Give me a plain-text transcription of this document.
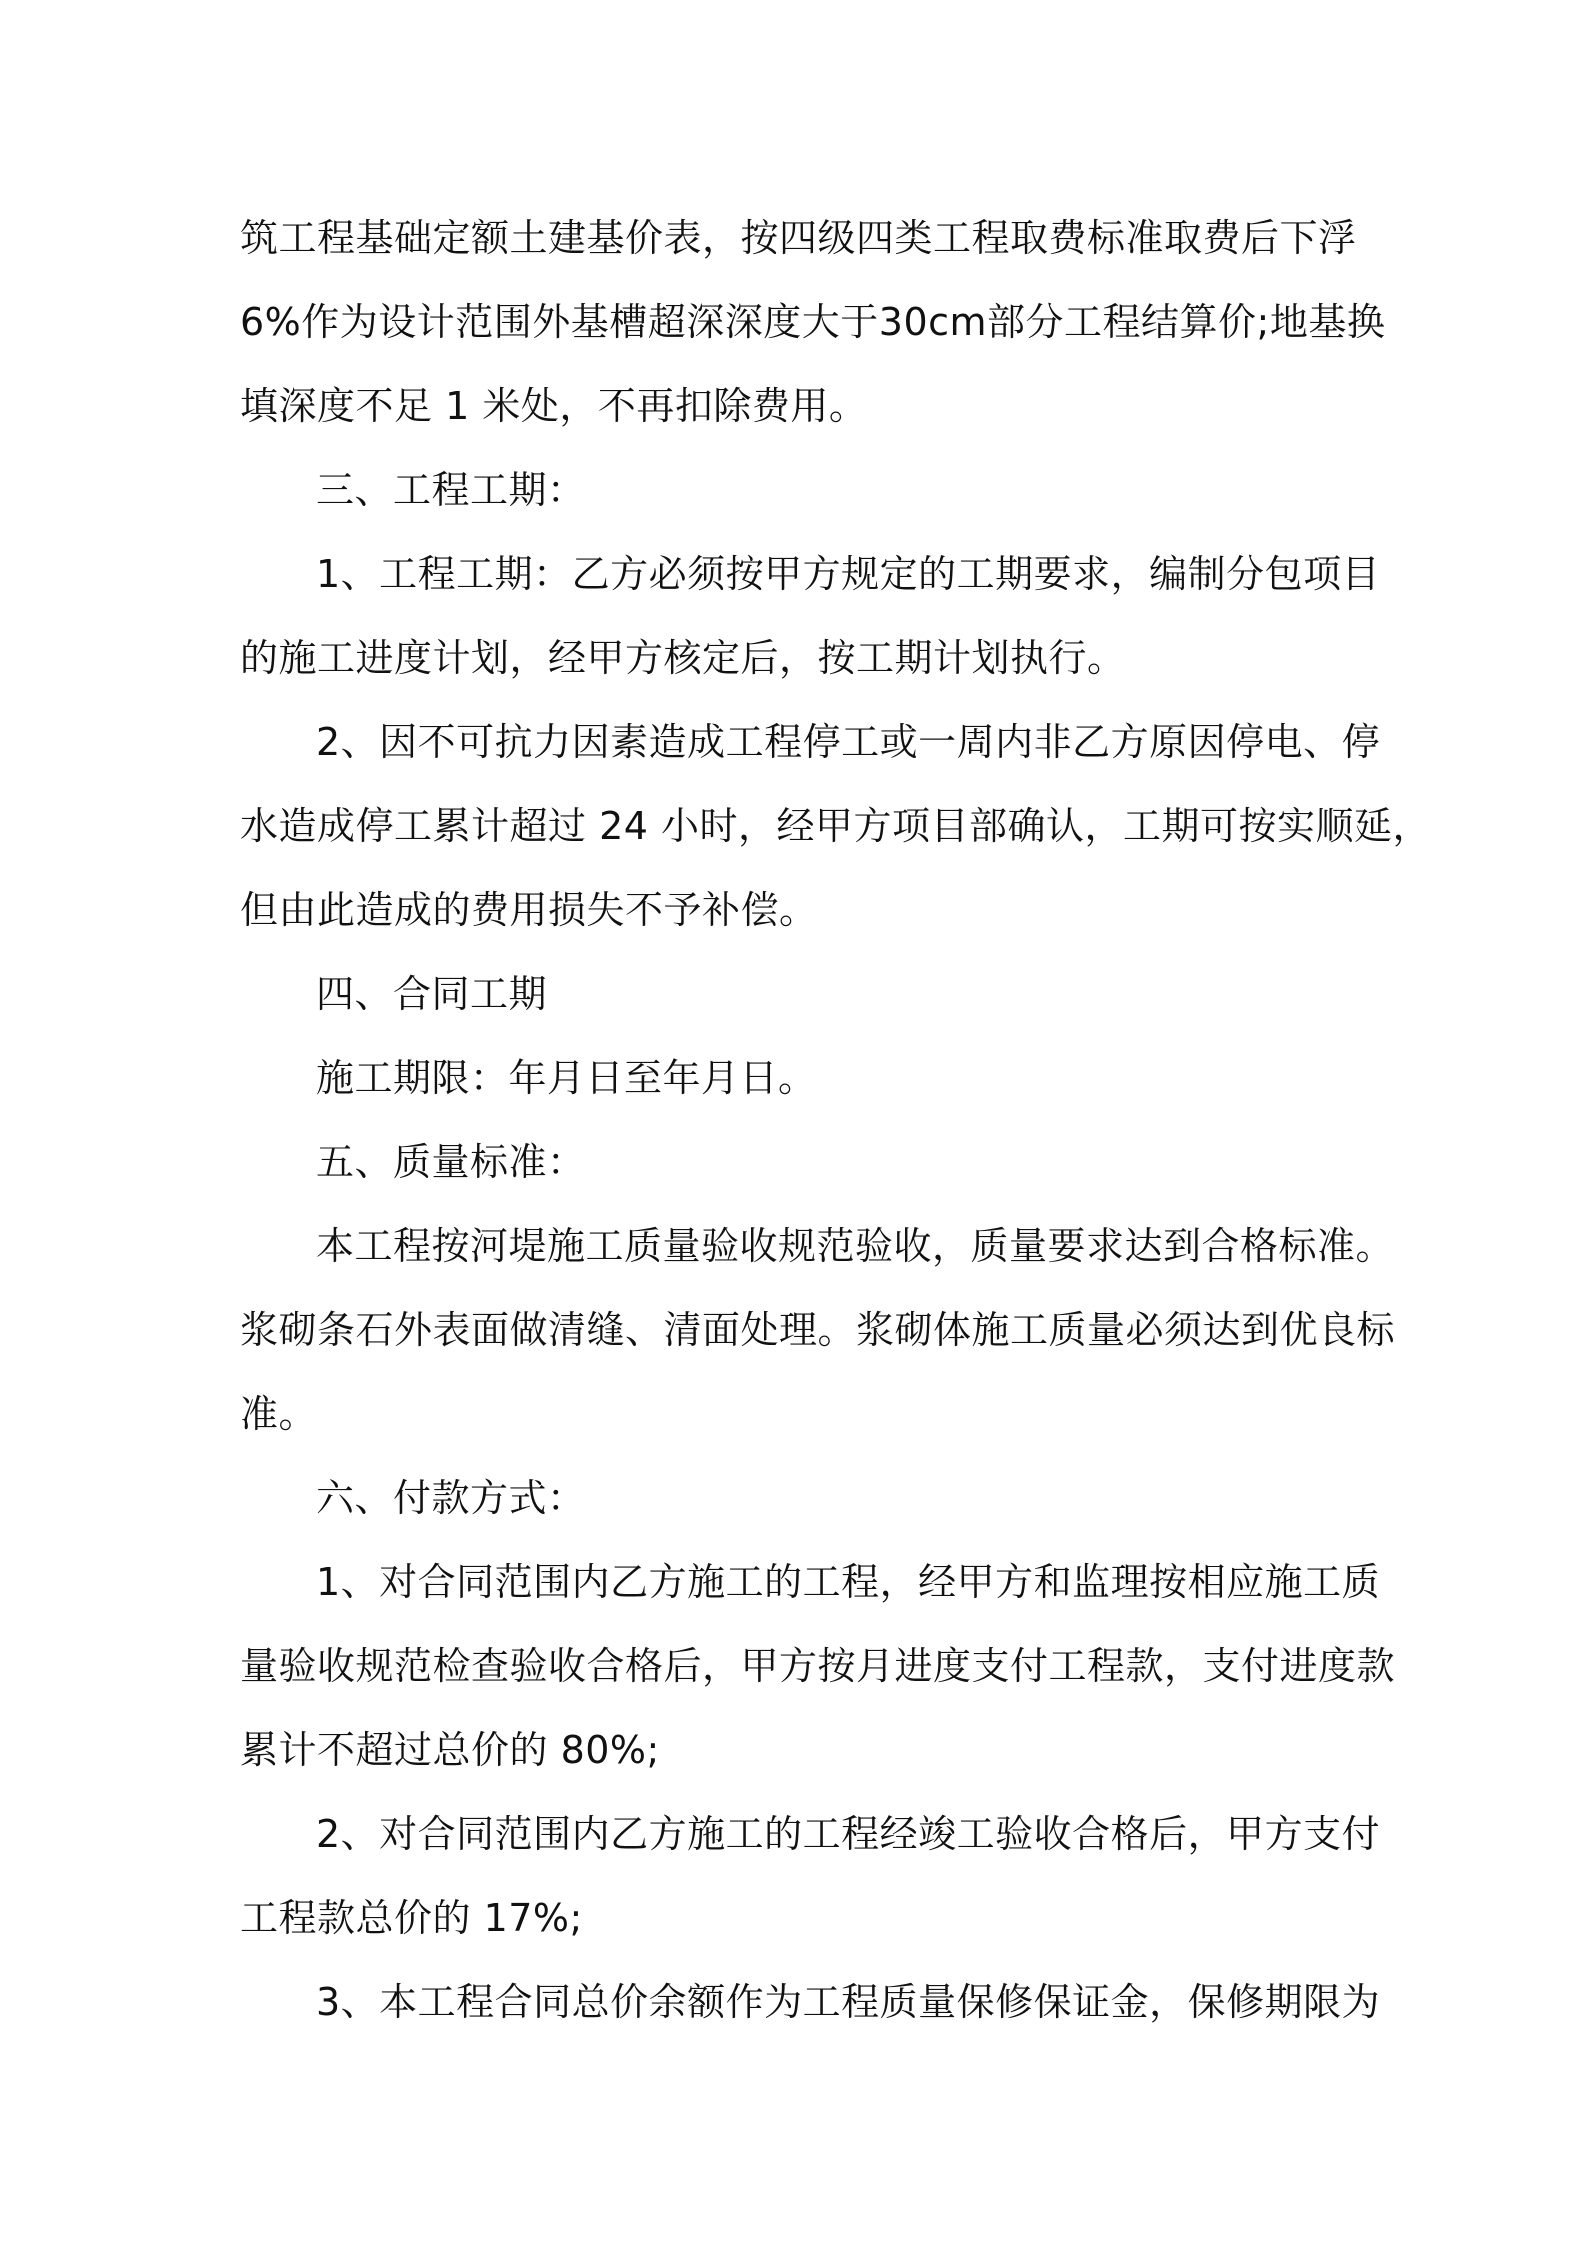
筑工程基础定额土建基价表，按四级四类工程取费标准取费后下浮
6%作为设计范围外基槽超深深度大于30cm部分工程结算价;地基换
填深度不足 1 米处，不再扣除费用。
三、工程工期：
1、工程工期：乙方必须按甲方规定的工期要求，编制分包项目
的施工进度计划，经甲方核定后，按工期计划执行。
2、因不可抗力因素造成工程停工或一周内非乙方原因停电、停
水造成停工累计超过 24 小时，经甲方项目部确认，工期可按实顺延，
但由此造成的费用损失不予补偿。
四、合同工期
施工期限：年月日至年月日。
五、质量标准：
本工程按河堤施工质量验收规范验收，质量要求达到合格标准。
浆砌条石外表面做清缝、清面处理。浆砌体施工质量必须达到优良标
准。
六、付款方式：
1、对合同范围内乙方施工的工程，经甲方和监理按相应施工质
量验收规范检查验收合格后，甲方按月进度支付工程款，支付进度款
累计不超过总价的 80%;
2、对合同范围内乙方施工的工程经竣工验收合格后，甲方支付
工程款总价的 17%;
3、本工程合同总价余额作为工程质量保修保证金，保修期限为
